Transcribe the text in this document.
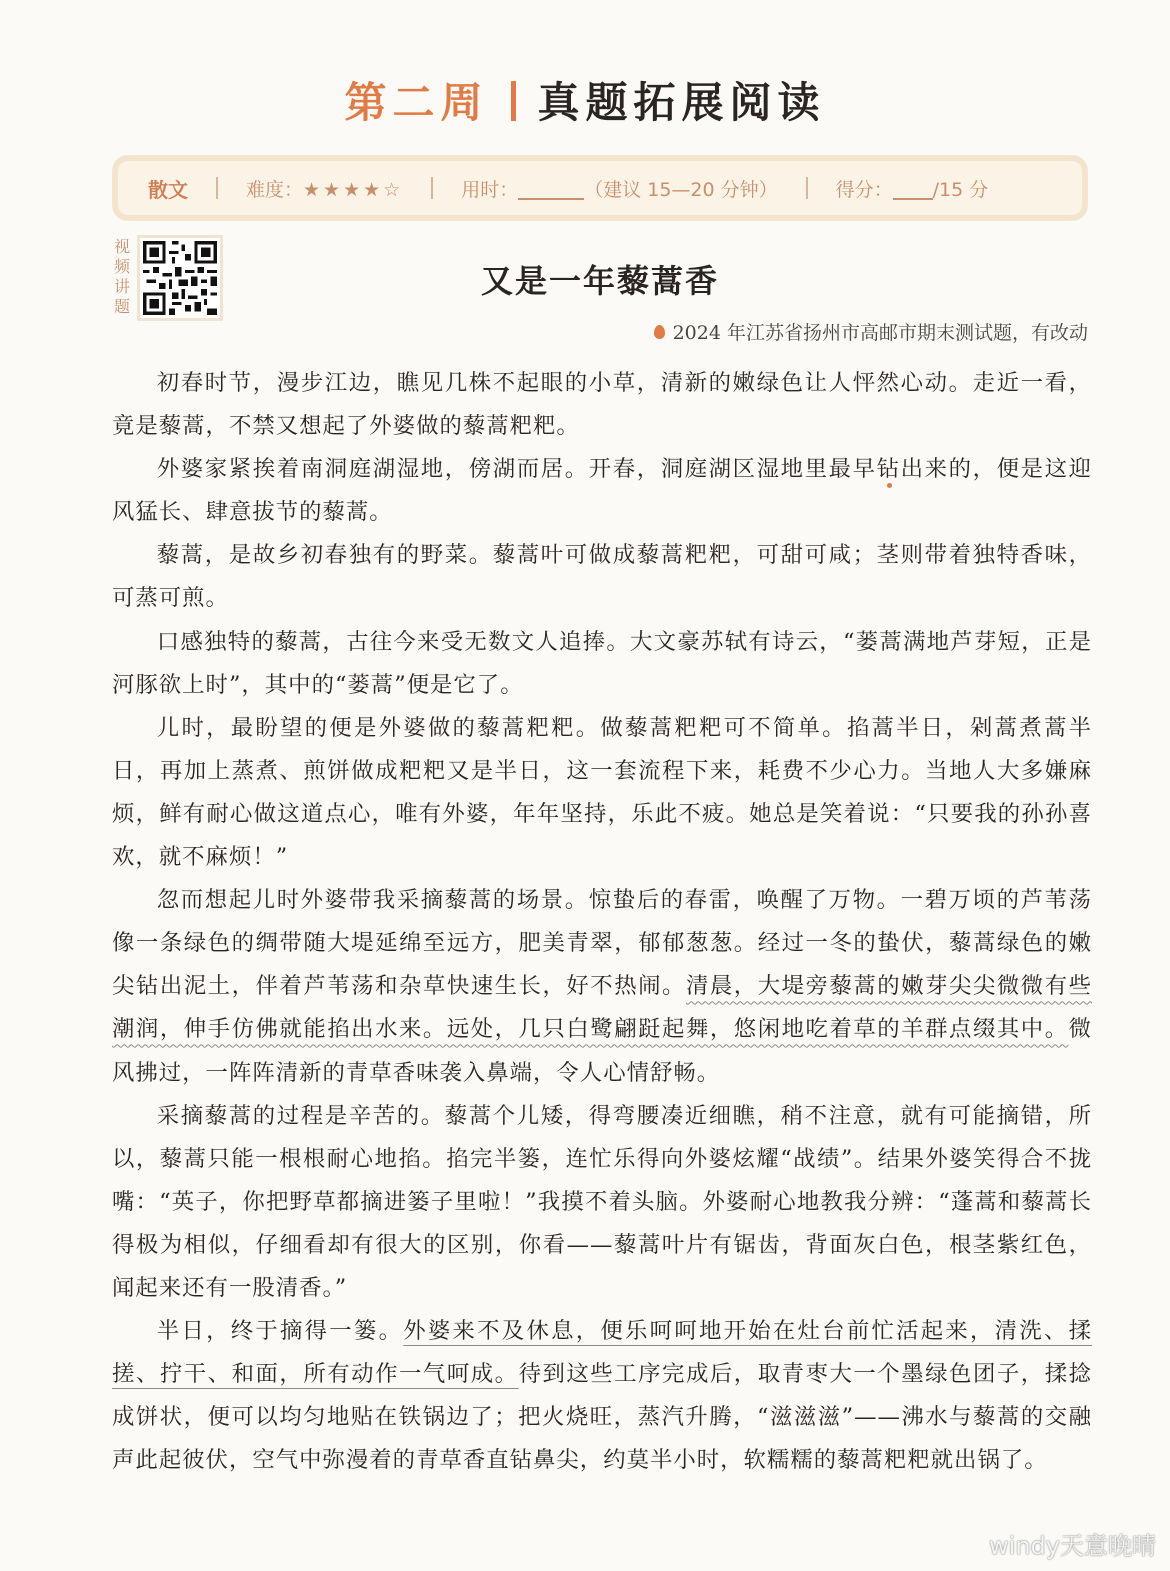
第二周 真题拓展阅读
散文	难度：★★★★☆	用时：	（建议 15—20 分钟）	得分： /15 分
视频讲题
又是一年藜蒿香
2024 年江苏省扬州市高邮市期末测试题，有改动

初春时节，漫步江边，瞧见几株不起眼的小草，清新的嫩绿色让人怦然心动。走近一看，竟是藜蒿，不禁又想起了外婆做的藜蒿粑粑。

外婆家紧挨着南洞庭湖湿地，傍湖而居。开春，洞庭湖区湿地里最早钻出来的，便是这迎风猛长、肆意拔节的藜蒿。

藜蒿，是故乡初春独有的野菜。藜蒿叶可做成藜蒿粑粑，可甜可咸；茎则带着独特香味，可蒸可煎。

口感独特的藜蒿，古往今来受无数文人追捧。大文豪苏轼有诗云，“蒌蒿满地芦芽短，正是河豚欲上时”，其中的“蒌蒿”便是它了。

儿时，最盼望的便是外婆做的藜蒿粑粑。做藜蒿粑粑可不简单。掐蒿半日，剁蒿煮蒿半日，再加上蒸煮、煎饼做成粑粑又是半日，这一套流程下来，耗费不少心力。当地人大多嫌麻烦，鲜有耐心做这道点心，唯有外婆，年年坚持，乐此不疲。她总是笑着说：“只要我的孙孙喜欢，就不麻烦！”

忽而想起儿时外婆带我采摘藜蒿的场景。惊蛰后的春雷，唤醒了万物。一碧万顷的芦苇荡像一条绿色的绸带随大堤延绵至远方，肥美青翠，郁郁葱葱。经过一冬的蛰伏，藜蒿绿色的嫩尖钻出泥土，伴着芦苇荡和杂草快速生长，好不热闹。清晨，大堤旁藜蒿的嫩芽尖尖微微有些潮润，伸手仿佛就能掐出水来。远处，几只白鹭翩跹起舞，悠闲地吃着草的羊群点缀其中。微风拂过，一阵阵清新的青草香味袭入鼻端，令人心情舒畅。

采摘藜蒿的过程是辛苦的。藜蒿个儿矮，得弯腰凑近细瞧，稍不注意，就有可能摘错，所以，藜蒿只能一根根耐心地掐。掐完半篓，连忙乐得向外婆炫耀“战绩”。结果外婆笑得合不拢嘴：“英子，你把野草都摘进篓子里啦！”我摸不着头脑。外婆耐心地教我分辨：“蓬蒿和藜蒿长得极为相似，仔细看却有很大的区别，你看——藜蒿叶片有锯齿，背面灰白色，根茎紫红色，闻起来还有一股清香。”

半日，终于摘得一篓。外婆来不及休息，便乐呵呵地开始在灶台前忙活起来，清洗、揉搓、拧干、和面，所有动作一气呵成。待到这些工序完成后，取青枣大一个墨绿色团子，揉捻成饼状，便可以均匀地贴在铁锅边了；把火烧旺，蒸汽升腾，“滋滋滋”——沸水与藜蒿的交融声此起彼伏，空气中弥漫着的青草香直钻鼻尖，约莫半小时，软糯糯的藜蒿粑粑就出锅了。

windy天意晚晴
